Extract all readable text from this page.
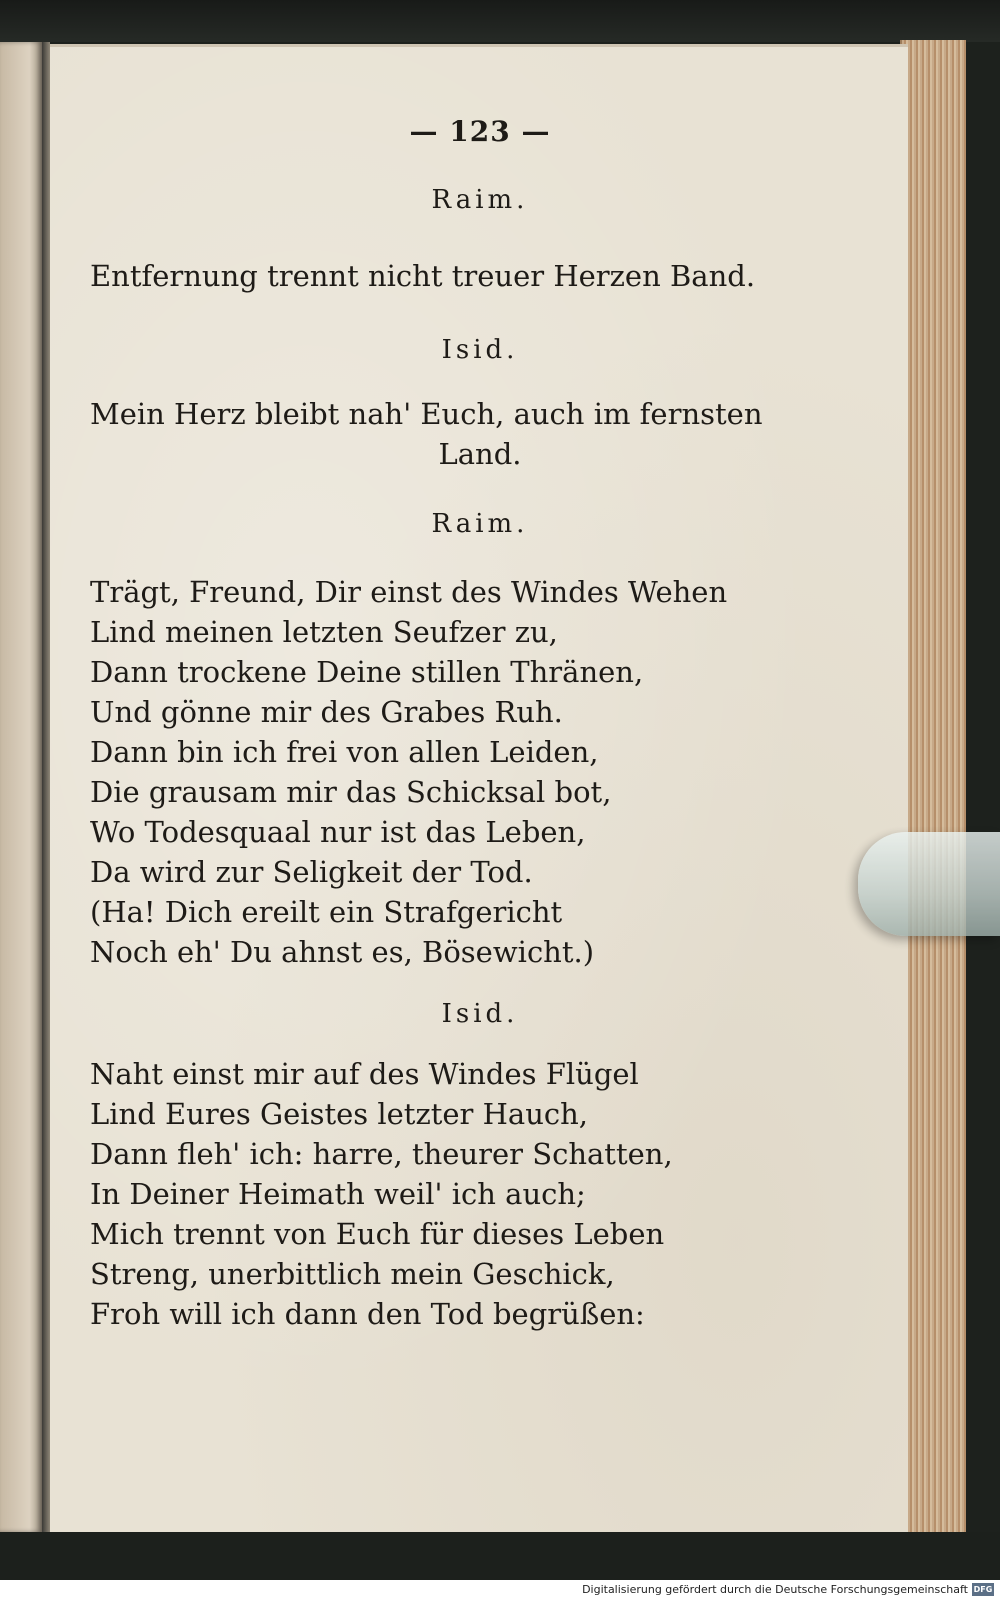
— 123 —
Raim.
Entfernung trennt nicht treuer Herzen Band.
Isid.
Mein Herz bleibt nah' Euch, auch im fernsten
Land.
Raim.
Trägt, Freund, Dir einst des Windes Wehen
Lind meinen letzten Seufzer zu,
Dann trockene Deine stillen Thränen,
Und gönne mir des Grabes Ruh.
Dann bin ich frei von allen Leiden,
Die grausam mir das Schicksal bot,
Wo Todesquaal nur ist das Leben,
Da wird zur Seligkeit der Tod.
(Ha! Dich ereilt ein Strafgericht
Noch eh' Du ahnst es, Bösewicht.)
Isid.
Naht einst mir auf des Windes Flügel
Lind Eures Geistes letzter Hauch,
Dann fleh' ich: harre, theurer Schatten,
In Deiner Heimath weil' ich auch;
Mich trennt von Euch für dieses Leben
Streng, unerbittlich mein Geschick,
Froh will ich dann den Tod begrüßen:
Digitalisierung gefördert durch die Deutsche Forschungsgemeinschaft DFG
